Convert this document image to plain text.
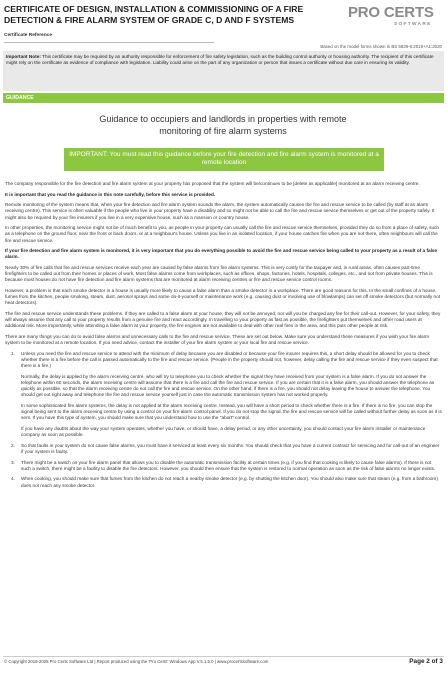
CERTIFICATE OF DESIGN, INSTALLATION & COMMISSIONING OF A FIRE DETECTION & FIRE ALARM SYSTEM OF GRADE C, D AND F SYSTEMS
Certificate Reference
PRO CERTS
SOFTWARE
Based on the model forms shown in BS 5839-6:2019+A1:2020
Important Note: This certificate may be required by an authority responsible for enforcement of fire safety legislation, such as the building control authority or housing authority. The recipient of this certificate might rely on the certificate as evidence of compliance with legislation. Liability could arise on the part of any organization or person that issues a certificate without due care in ensuring its validity.
GUIDANCE
Guidance to occupiers and landlords in properties with remote monitoring of fire alarm systems
IMPORTANT: You must read this guidance before your fire detection and fire alarm system is monitored at a remote location

The company responsible for the fire detection and fire alarm system at your property has proposed that the system will be/continues to be [delete as applicable] monitored at an alarm receiving centre.

It is important that you read the guidance in this note carefully, before this service is provided.

Remote monitoring of the system means that, when your fire detection and fire alarm system sounds the alarm, the system automatically causes the fire and rescue service to be called (by staff at an alarm receiving centre). This service is often valuable if the people who live in your property have a disability and so might not be able to call the fire and rescue service themselves or get out of the property safely. It might also be required by your fire insurers if you live in a very expensive house, such as a mansion or country house.

In other properties, the monitoring service might not be of much benefit to you, as people in your property can usually call the fire and rescue service themselves, provided they do so from a place of safety, such as a telephone on the ground floor, near the front or back doors, or at a neighbour's house. Unless you live in an isolated location, if your house catches fire when you are not there, often neighbours will call the fire and rescue service.

If your fire detection and fire alarm system is monitored, it is very important that you do everything possible to avoid the fire and rescue service being called to your property as a result of a false alarm.

Nearly 30% of fire calls that fire and rescue services receive each year are caused by false alarms from fire alarm systems. This is very costly for the taxpayer and, in rural areas, often causes part-time firefighters to be called out from their homes or places of work. Most false alarms come from workplaces, such as offices, shops, factories, hotels, hospitals, colleges, etc., and not from private houses. This is because most houses do not have fire detection and fire alarm systems that are monitored at alarm receiving centres or fire and rescue service control rooms.

However, a problem is that each smoke detector in a house is usually more likely to cause a false alarm than a smoke detector in a workplace. There are good reasons for this. In the small confines of a house, fumes from the kitchen, people smoking, steam, dust, aerosol sprays and some do-it-yourself or maintenance work (e.g. causing dust or involving use of blowlamps) can set off smoke detectors (but normally not heat detectors).

The fire and rescue service understands these problems. If they are called to a false alarm at your house, they will not be annoyed, nor will you be charged any fee for their call-out. However, for your safety, they will always assume that any call to your property results from a genuine fire and react accordingly. In travelling to your property as fast as possible, the firefighters put themselves and other road users at additional risk. More importantly, while attending a false alarm at your property, the fire engines are not available to deal with other real fires in the area, and this puts other people at risk.

There are many things you can do to avoid false alarms and unnecessary calls to the fire and rescue service. These are set out below. Make sure you understand these measures if you wish your fire alarm system to be monitored at a remote location. If you need advice, contact the installer of your fire alarm system or your local fire and rescue service.

1. Unless you need the fire and rescue service to attend with the minimum of delay because you are disabled or because your fire insurer requires this, a short delay should be allowed for you to check whether there is a fire before the call is passed automatically to the fire and rescue service. (People in the property should not, however, delay calling the fire and rescue service if they even suspect that there is a fire.)

Normally, the delay is applied by the alarm receiving centre, who will try to telephone you to check whether the signal they have received from your system is a false alarm. If you do not answer the telephone within 60 seconds, the alarm receiving centre will assume that there is a fire and call the fire and rescue service. If you are certain that it is a false alarm, you should answer the telephone as quickly as possible, so that the alarm receiving centre do not call the fire and rescue service. On the other hand, if there is a fire, you should not delay leaving the house to answer the telephone. You should get out right away and telephone the fire and rescue service yourself just in case the automatic transmission system has not worked properly.

In some sophisticated fire alarm systems, the delay is not applied at the alarm receiving centre. Instead, you will have a short period to check whether there is a fire. If there is no fire, you can stop the signal being sent to the alarm receiving centre by using a control on your fire alarm control panel. If you do not stop the signal, the fire and rescue service will be called without further delay as soon as it is sent. If you have this type of system, you should make sure that you understand how to use the "abort" control.

If you have any doubts about the way your system operates, whether you have, or should have, a delay period, or any other uncertainty, you should contact your fire alarm installer or maintenance company as soon as possible.

2. So that faults in your system do not cause false alarms, you must have it serviced at least every six months. You should check that you have a current contract for servicing and for call-out of an engineer if your system is faulty.

3. There might be a switch on your fire alarm panel that allows you to disable the automatic transmission facility at certain times (e.g. if you find that cooking is likely to cause false alarms). If there is not such a switch, there might be a facility to disable the fire detectors. However, you should then ensure that the system is restored to normal operation as soon as the risk of false alarms no longer exists.

4. When cooking, you should make sure that fumes from the kitchen do not reach a nearby smoke detector (e.g. by shutting the kitchen door). You should also make sure that steam (e.g. from a bathroom) does not reach any smoke detector.

© Copyright 2019-2025 Pro Certs Software Ltd | Report produced using the 'Pro Certs' Windows App V.5.1.5.0 | www.procertssoftware.com	Page 2 of 3
